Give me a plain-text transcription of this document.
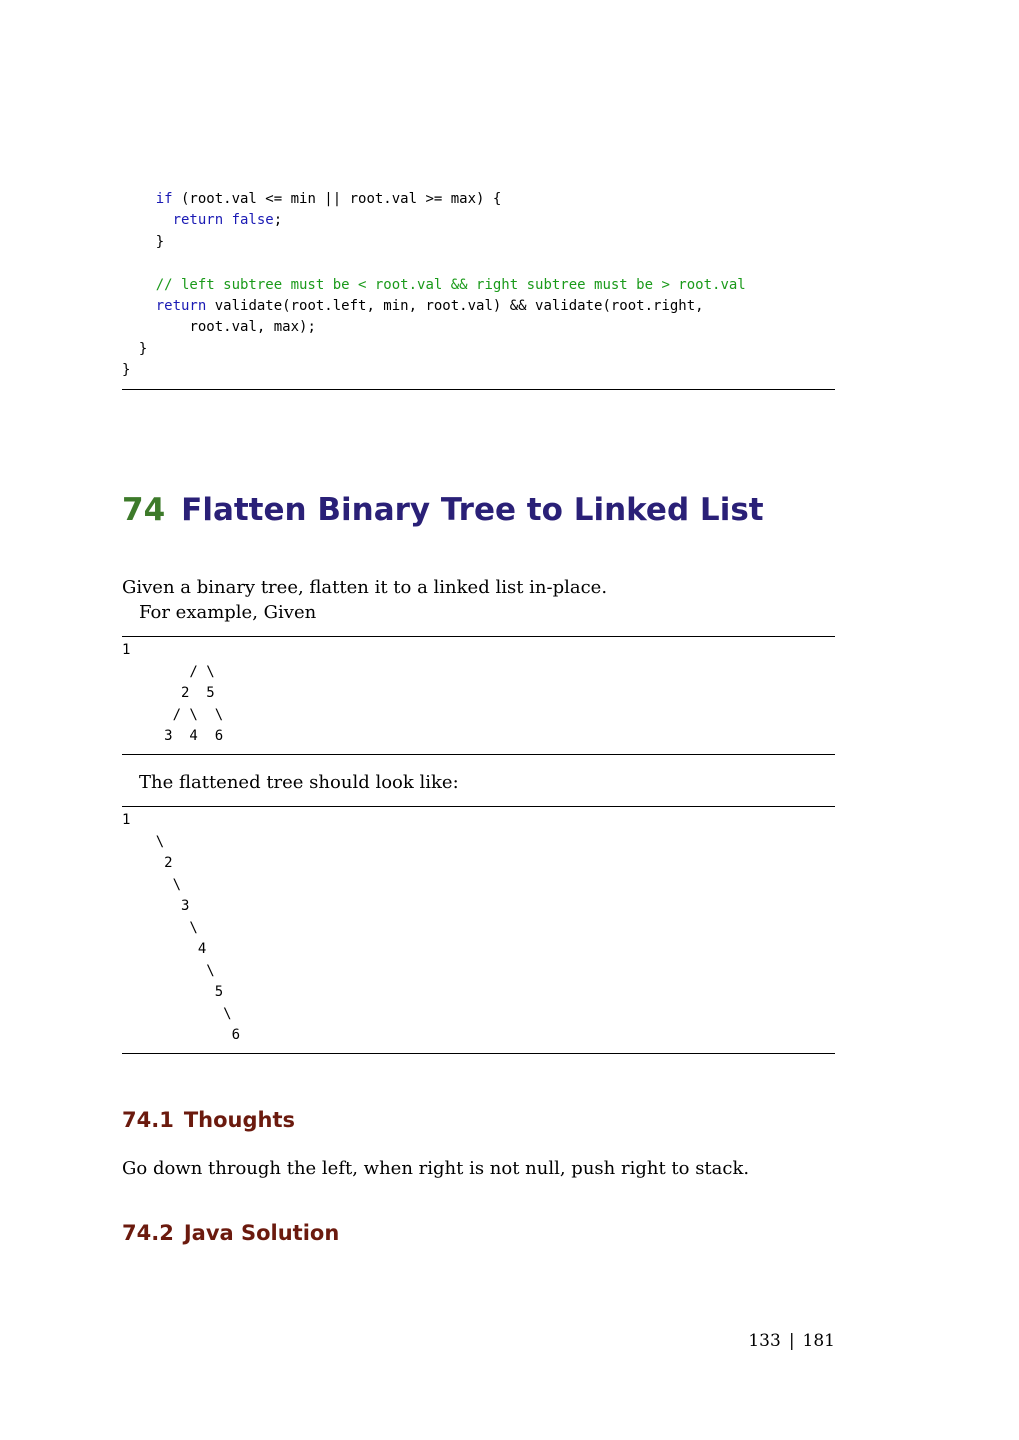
if (root.val <= min || root.val >= max) {
return false;
}
// left subtree must be < root.val && right subtree must be > root.val
return validate(root.left, min, root.val) && validate(root.right,
root.val, max);
}
}
74 Flatten Binary Tree to Linked List
Given a binary tree, flatten it to a linked list in-place.
For example, Given
1
/ \
2  5
/ \  \
3  4  6
The flattened tree should look like:
1
\
2
\
3
\
4
\
5
\
6
74.1 Thoughts
Go down through the left, when right is not null, push right to stack.
74.2 Java Solution
133 | 181
